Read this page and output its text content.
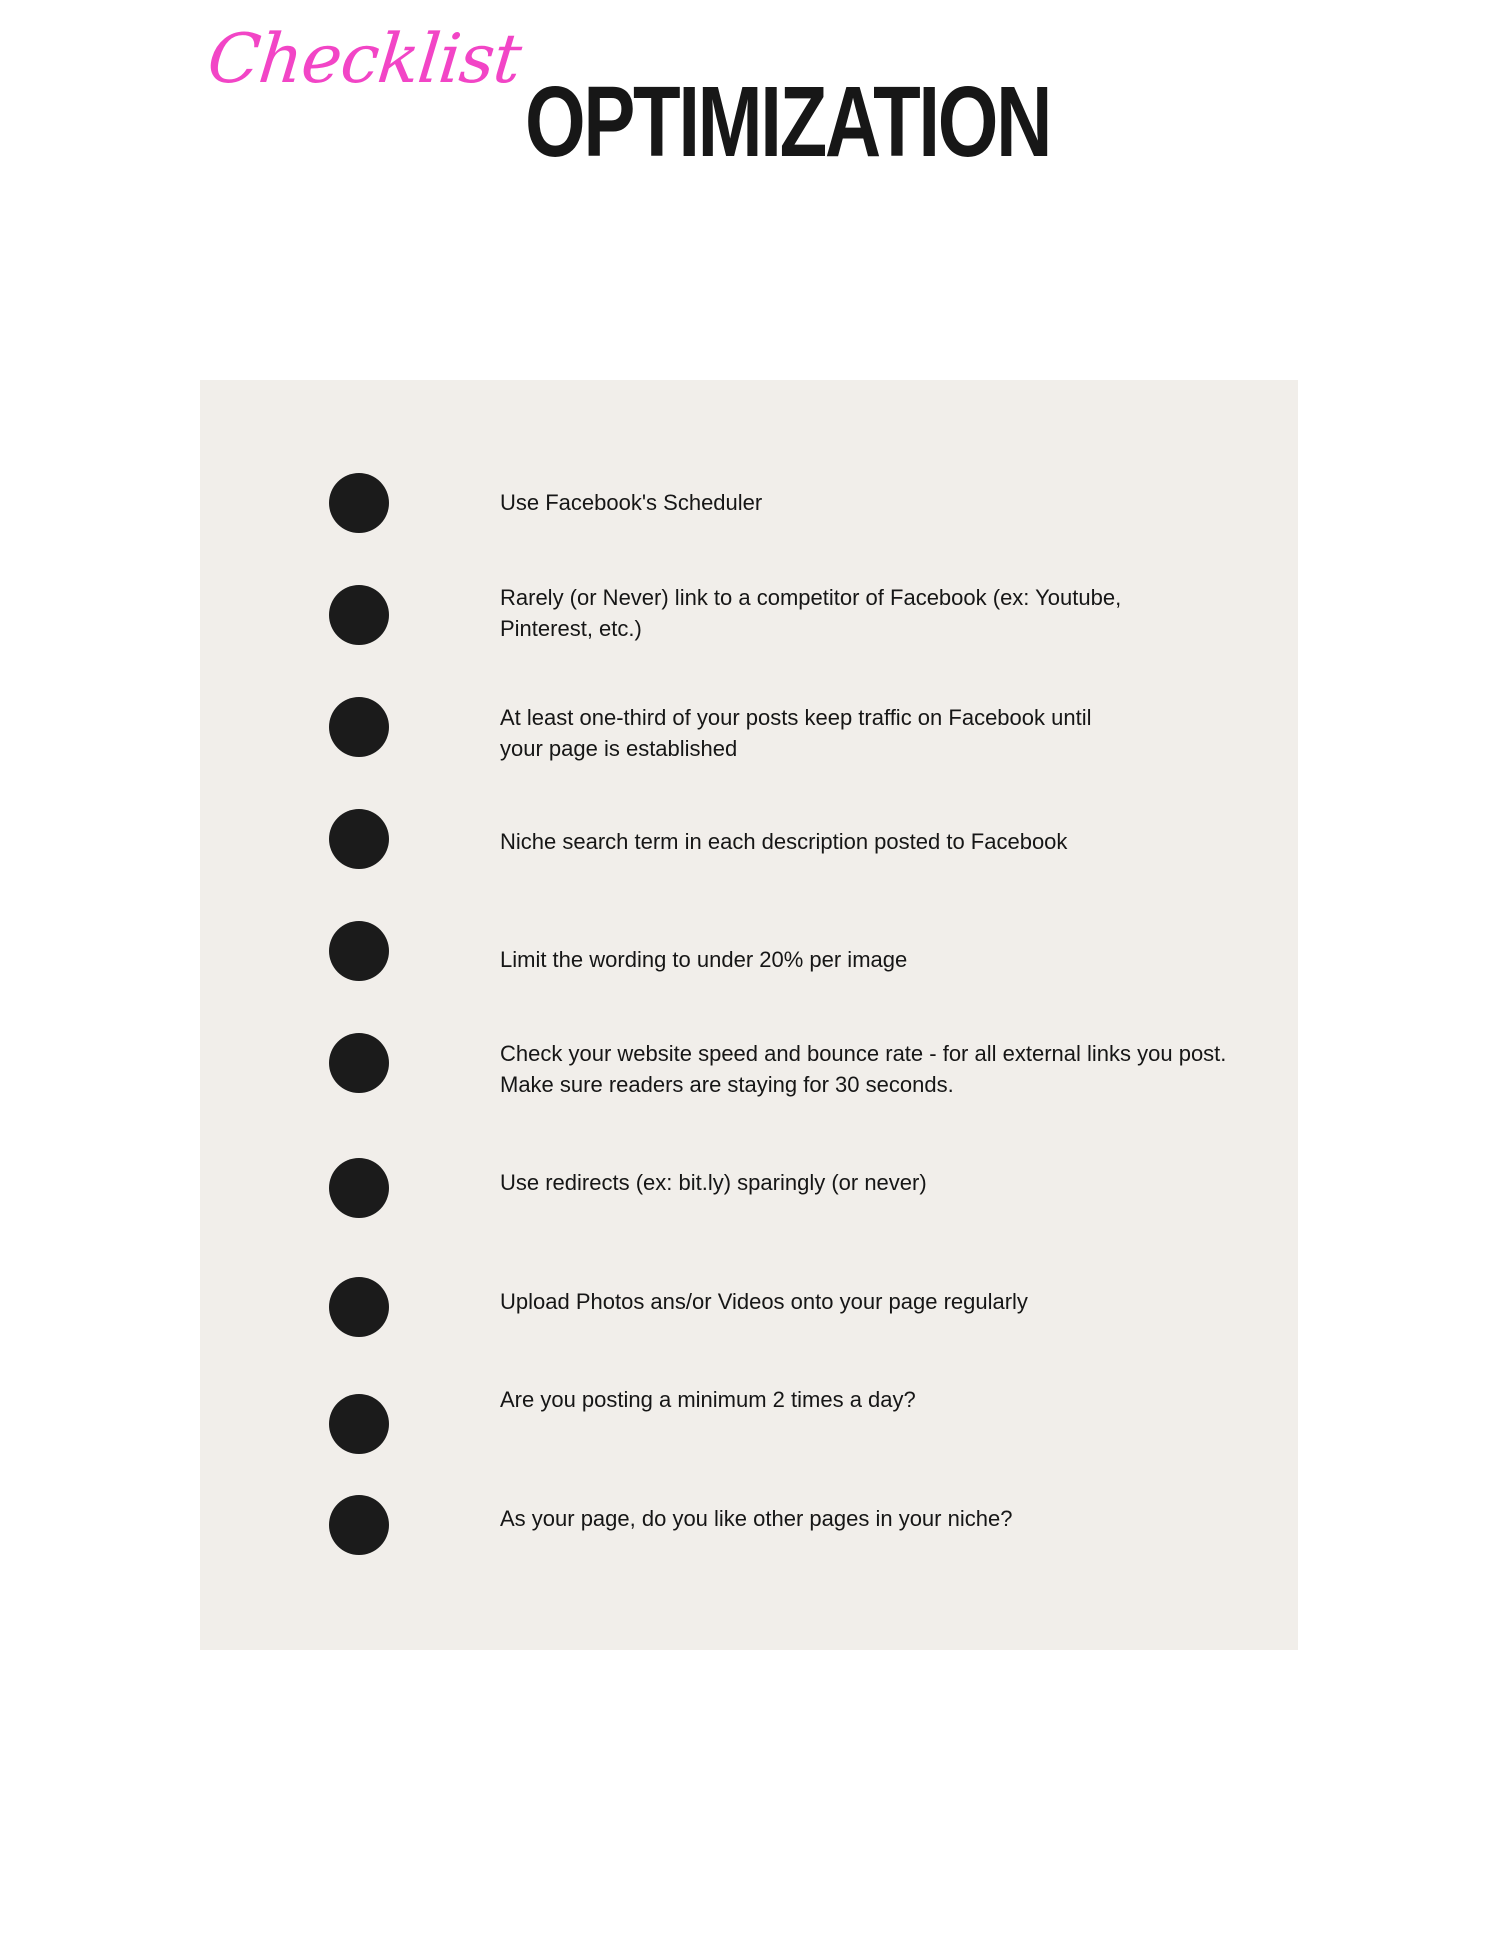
Checklist
OPTIMIZATION
Use Facebook's Scheduler
Rarely (or Never) link to a competitor of Facebook (ex: Youtube, Pinterest, etc.)
At least one-third of your posts keep traffic on Facebook until your page is established
Niche search term in each description posted to Facebook
Limit the wording to under 20% per image
Check your website speed and bounce rate - for all external links you post. Make sure readers are staying for 30 seconds.
Use redirects (ex: bit.ly) sparingly (or never)
Upload Photos ans/or Videos onto your page regularly
Are you posting a minimum 2 times a day?
As your page, do you like other pages in your niche?
